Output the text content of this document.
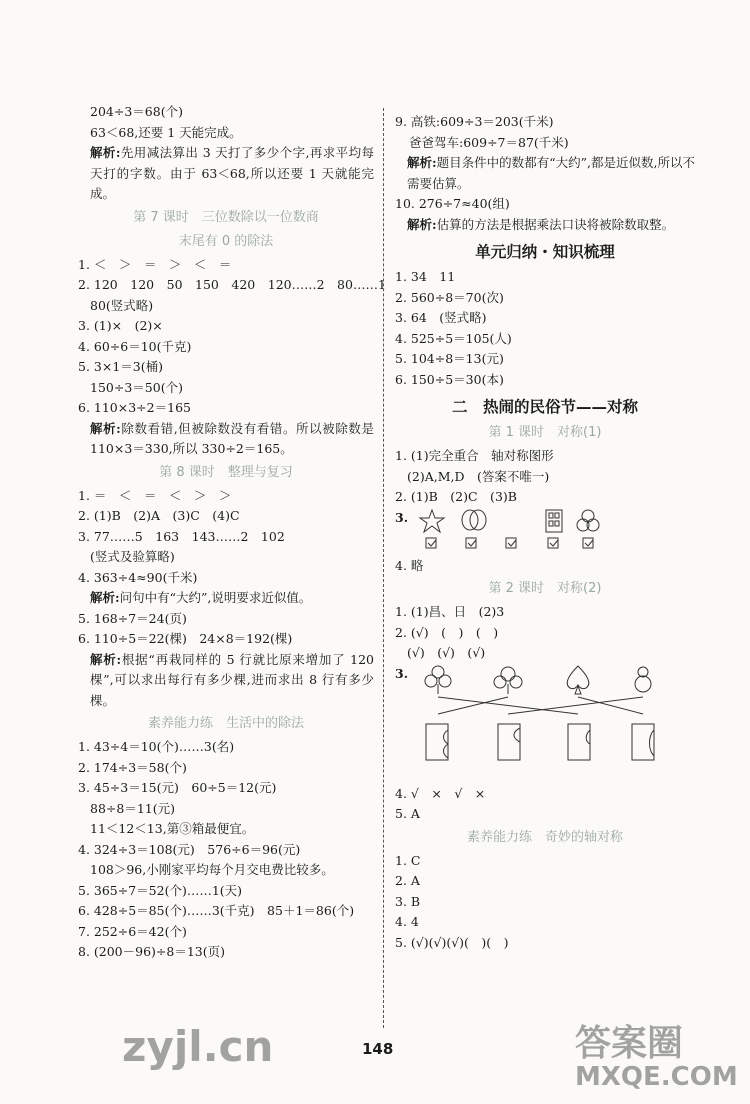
204÷3＝68(个)
63＜68,还要 1 天能完成。
解析:先用减法算出 3 天打了多少个字,再求平均每天打的字数。由于 63＜68,所以还要 1 天就能完成。
第 7 课时　三位数除以一位数商
末尾有 0 的除法
1. ＜　＞　＝　＞　＜　＝
2. 120　120　50　150　420　120……2　80……1
80(竖式略)
3. (1)×　(2)×
4. 60÷6＝10(千克)
5. 3×1＝3(桶)
150÷3＝50(个)
6. 110×3÷2＝165
解析:除数看错,但被除数没有看错。所以被除数是 110×3＝330,所以 330÷2＝165。
第 8 课时　整理与复习
1. ＝　＜　＝　＜　＞　＞
2. (1)B　(2)A　(3)C　(4)C
3. 77……5　163　143……2　102
(竖式及验算略)
4. 363÷4≈90(千米)
解析:问句中有“大约”,说明要求近似值。
5. 168÷7＝24(页)
6. 110÷5＝22(棵)　24×8＝192(棵)
解析:根据“再栽同样的 5 行就比原来增加了 120 棵”,可以求出每行有多少棵,进而求出 8 行有多少棵。
素养能力练　生活中的除法
1. 43÷4＝10(个)……3(名)
2. 174÷3＝58(个)
3. 45÷3＝15(元)　60÷5＝12(元)
88÷8＝11(元)
11＜12＜13,第③箱最便宜。
4. 324÷3＝108(元)　576÷6＝96(元)
108＞96,小刚家平均每个月交电费比较多。
5. 365÷7＝52(个)……1(天)
6. 428÷5＝85(个)……3(千克)　85＋1＝86(个)
7. 252÷6＝42(个)
8. (200－96)÷8＝13(页)
9. 高铁:609÷3＝203(千米)
爸爸驾车:609÷7＝87(千米)
解析:题目条件中的数都有“大约”,都是近似数,所以不需要估算。
10. 276÷7≈40(组)
解析:估算的方法是根据乘法口诀将被除数取整。
单元归纳・知识梳理
1. 34　11
2. 560÷8＝70(次)
3. 64　(竖式略)
4. 525÷5＝105(人)
5. 104÷8＝13(元)
6. 150÷5＝30(本)
二　热闹的民俗节——对称
第 1 课时　对称(1)
1. (1)完全重合　轴对称图形
(2)A,M,D　(答案不唯一)
2. (1)B　(2)C　(3)B
3.
4. 略
第 2 课时　对称(2)
1. (1)昌、日　(2)3
2. (√)　(　)　(　)
(√)　(√)　(√)
3.
4. √　×　√　×
5. A
素养能力练　奇妙的轴对称
1. C
2. A
3. B
4. 4
5. (√)(√)(√)(　)(　)
148
zyjl.cn	答案圈
MXQE.COM
